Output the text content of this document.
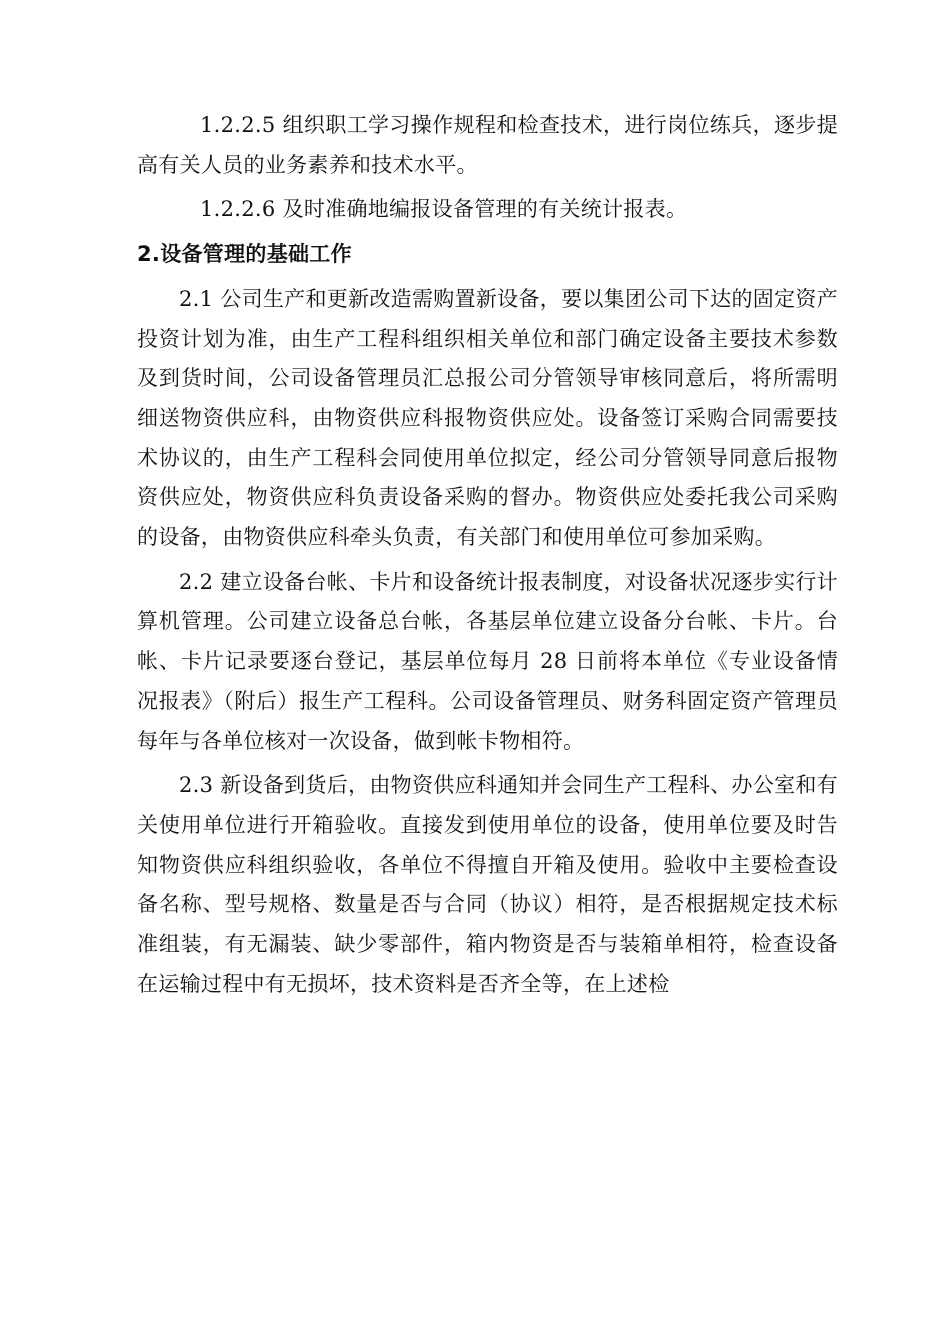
1.2.2.5 组织职工学习操作规程和检查技术，进行岗位练兵，逐步提高有关人员的业务素养和技术水平。

1.2.2.6 及时准确地编报设备管理的有关统计报表。

2.设备管理的基础工作

2.1 公司生产和更新改造需购置新设备，要以集团公司下达的固定资产投资计划为准，由生产工程科组织相关单位和部门确定设备主要技术参数及到货时间，公司设备管理员汇总报公司分管领导审核同意后，将所需明细送物资供应科，由物资供应科报物资供应处。设备签订采购合同需要技术协议的，由生产工程科会同使用单位拟定，经公司分管领导同意后报物资供应处，物资供应科负责设备采购的督办。物资供应处委托我公司采购的设备，由物资供应科牵头负责，有关部门和使用单位可参加采购。

2.2 建立设备台帐、卡片和设备统计报表制度，对设备状况逐步实行计算机管理。公司建立设备总台帐，各基层单位建立设备分台帐、卡片。台帐、卡片记录要逐台登记，基层单位每月 28 日前将本单位《专业设备情况报表》（附后）报生产工程科。公司设备管理员、财务科固定资产管理员每年与各单位核对一次设备，做到帐卡物相符。

2.3 新设备到货后，由物资供应科通知并会同生产工程科、办公室和有关使用单位进行开箱验收。直接发到使用单位的设备，使用单位要及时告知物资供应科组织验收，各单位不得擅自开箱及使用。验收中主要检查设备名称、型号规格、数量是否与合同（协议）相符，是否根据规定技术标准组装，有无漏装、缺少零部件，箱内物资是否与装箱单相符，检查设备在运输过程中有无损坏，技术资料是否齐全等，在上述检
